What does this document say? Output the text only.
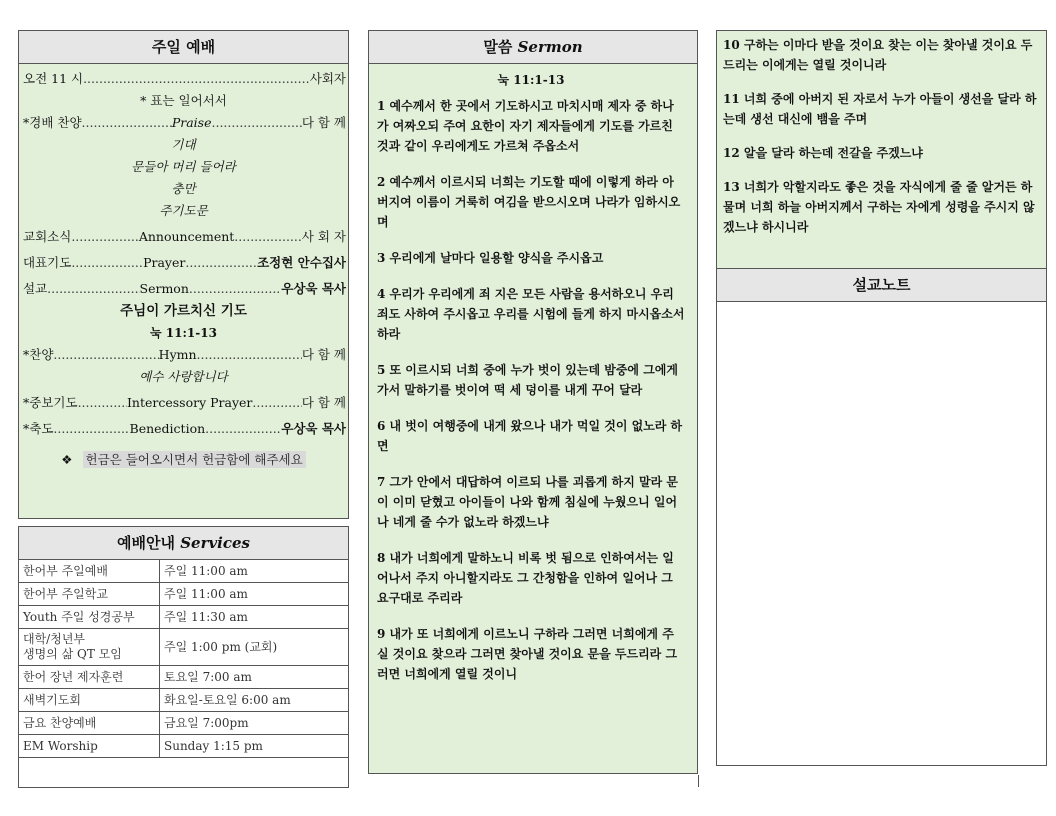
주일 예배
오전 11 시 .....	사회자
* 표는 일어서서
*경배 찬양 .....	Praise .....	다 함 께
기대
문들아 머리 들어라
충만
주기도문
교회소식 .....	Announcement .....	사 회 자
대표기도 .....	Prayer .....	조정현 안수집사
설교 .....	Sermon .....	우상욱 목사
주님이 가르치신 기도
눅 11:1-13
*찬양 .....	Hymn .....	다 함 께
예수 사랑합니다
*중보기도 .....	Intercessory Prayer .....	다 함 께
*축도 .....	Benediction .....	우상욱 목사
❖ 헌금은 들어오시면서 헌금함에 해주세요
예배안내 Services
한어부 주일예배	주일 11:00 am
한어부 주일학교	주일 11:00 am
Youth 주일 성경공부	주일 11:30 am
대학/청년부
생명의 삶 QT 모임	주일 1:00 pm (교회)
한어 장년 제자훈련	토요일 7:00 am
새벽기도회	화요일-토요일 6:00 am
금요 찬양예배	금요일 7:00pm
EM Worship	Sunday 1:15 pm
말씀 Sermon
눅 11:1-13
1 예수께서 한 곳에서 기도하시고 마치시매 제자 중 하나가 여짜오되 주여 요한이 자기 제자들에게 기도를 가르친 것과 같이 우리에게도 가르쳐 주옵소서
2 예수께서 이르시되 너희는 기도할 때에 이렇게 하라 아버지여 이름이 거룩히 여김을 받으시오며 나라가 임하시오며
3 우리에게 날마다 일용할 양식을 주시옵고
4 우리가 우리에게 죄 지은 모든 사람을 용서하오니 우리 죄도 사하여 주시옵고 우리를 시험에 들게 하지 마시옵소서 하라
5 또 이르시되 너희 중에 누가 벗이 있는데 밤중에 그에게 가서 말하기를 벗이여 떡 세 덩이를 내게 꾸어 달라
6 내 벗이 여행중에 내게 왔으나 내가 먹일 것이 없노라 하면
7 그가 안에서 대답하여 이르되 나를 괴롭게 하지 말라 문이 이미 닫혔고 아이들이 나와 함께 침실에 누웠으니 일어나 네게 줄 수가 없노라 하겠느냐
8 내가 너희에게 말하노니 비록 벗 됨으로 인하여서는 일어나서 주지 아니할지라도 그 간청함을 인하여 일어나 그 요구대로 주리라
9 내가 또 너희에게 이르노니 구하라 그러면 너희에게 주실 것이요 찾으라 그러면 찾아낼 것이요 문을 두드리라 그러면 너희에게 열릴 것이니
10 구하는 이마다 받을 것이요 찾는 이는 찾아낼 것이요 두드리는 이에게는 열릴 것이니라
11 너희 중에 아버지 된 자로서 누가 아들이 생선을 달라 하는데 생선 대신에 뱀을 주며
12 알을 달라 하는데 전갈을 주겠느냐
13 너희가 악할지라도 좋은 것을 자식에게 줄 줄 알거든 하물며 너희 하늘 아버지께서 구하는 자에게 성령을 주시지 않겠느냐 하시니라
설교노트
